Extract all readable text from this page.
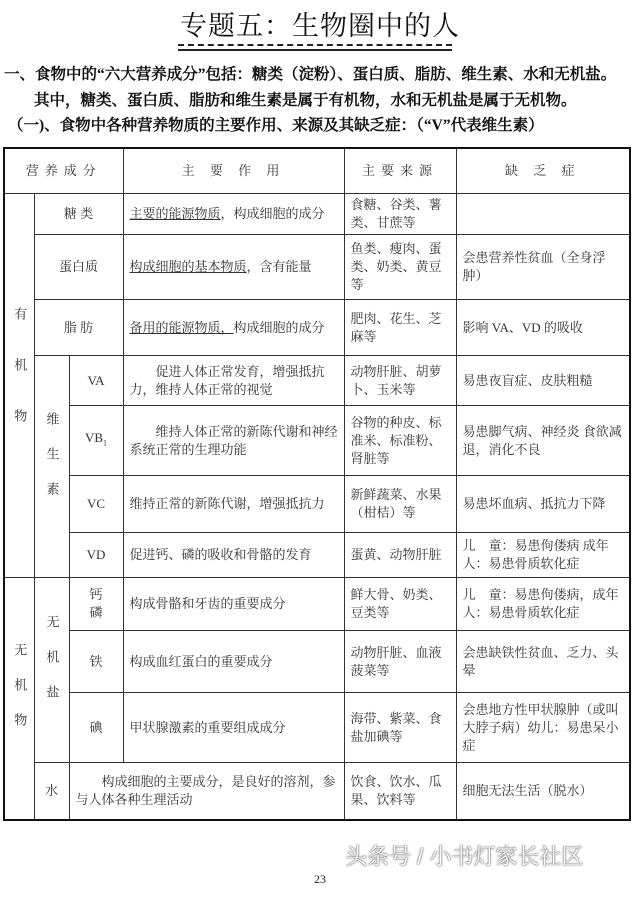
专题五：生物圈中的人
一、食物中的“六大营养成分”包括：糖类（淀粉）、蛋白质、脂肪、维生素、水和无机盐。
其中，糖类、蛋白质、脂肪和维生素是属于有机物，水和无机盐是属于无机物。
（一)、食物中各种营养物质的主要作用、来源及其缺乏症：（“V”代表维生素）
营养成分			主 要 作 用	主要来源	缺 乏 症
有机物	糖 类		主要的能源物质，构成细胞的成分	食糖、谷类、薯类、甘蔗等	
	蛋白质		构成细胞的基本物质，含有能量	鱼类、瘦肉、蛋类、奶类、黄豆等	会患营养性贫血（全身浮肿）
	脂 肪		备用的能源物质，构成细胞的成分	肥肉、花生、芝麻等	影响 VA、VD 的吸收
	维生素	VA	促进人体正常发育，增强抵抗力，维持人体正常的视觉	动物肝脏、胡萝卜、玉米等	易患夜盲症、皮肤粗糙
		$VB_1$	维持人体正常的新陈代谢和神经系统正常的生理功能	谷物的种皮、标准米、标准粉、肾脏等	易患脚气病、神经炎 食欲减退，消化不良
		VC	维持正常的新陈代谢，增强抵抗力	新鲜蔬菜、水果（柑桔）等	易患坏血病、抵抗力下降
		VD	促进钙、磷的吸收和骨骼的发育	蛋黄、动物肝脏	儿　童：易患佝偻病 成年人：易患骨质软化症
无机物	无机盐	钙磷	构成骨骼和牙齿的重要成分	鲜大骨、奶类、豆类等	儿　童：易患佝偻病，成年人：易患骨质软化症
		铁	构成血红蛋白的重要成分	动物肝脏、血液菠菜等	会患缺铁性贫血、乏力、头晕
		碘	甲状腺激素的重要组成成分	海带、紫菜、食盐加碘等	会患地方性甲状腺肿（或叫大脖子病）幼儿：易患呆小症
	水	构成细胞的主要成分，是良好的溶剂，参与人体各种生理活动		饮食、饮水、瓜果、饮料等	细胞无法生活（脱水）
头条号 / 小书灯家长社区
23
